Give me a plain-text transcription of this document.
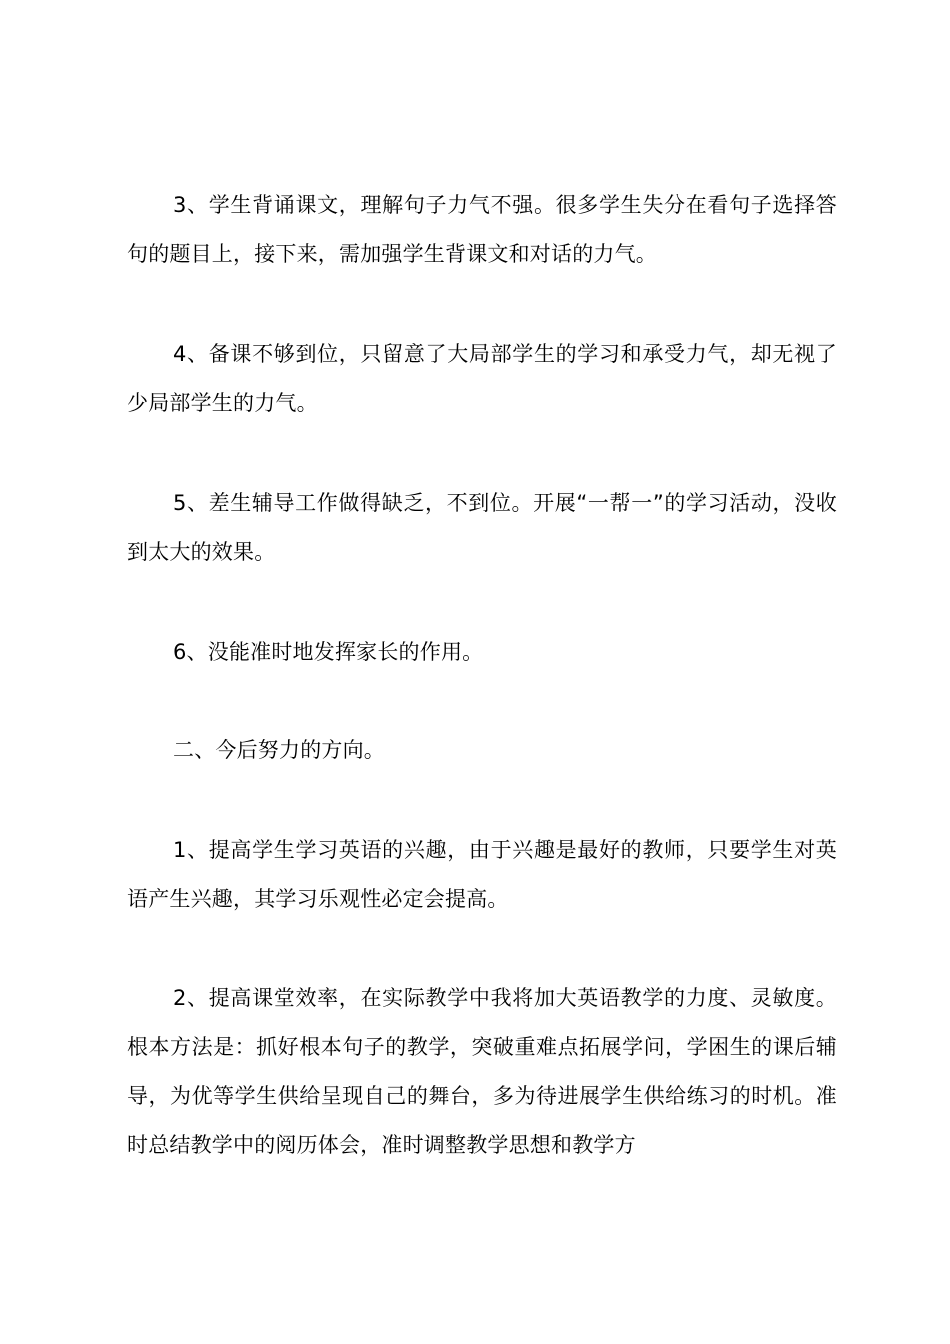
3、学生背诵课文，理解句子力气不强。很多学生失分在看句子选择答句的题目上，接下来，需加强学生背课文和对话的力气。

4、备课不够到位，只留意了大局部学生的学习和承受力气，却无视了少局部学生的力气。

5、差生辅导工作做得缺乏，不到位。开展“一帮一”的学习活动，没收到太大的效果。

6、没能准时地发挥家长的作用。

二、今后努力的方向。

1、提高学生学习英语的兴趣，由于兴趣是最好的教师，只要学生对英语产生兴趣，其学习乐观性必定会提高。

2、提高课堂效率，在实际教学中我将加大英语教学的力度、灵敏度。根本方法是：抓好根本句子的教学，突破重难点拓展学问，学困生的课后辅导，为优等学生供给呈现自己的舞台，多为待进展学生供给练习的时机。准时总结教学中的阅历体会，准时调整教学思想和教学方
